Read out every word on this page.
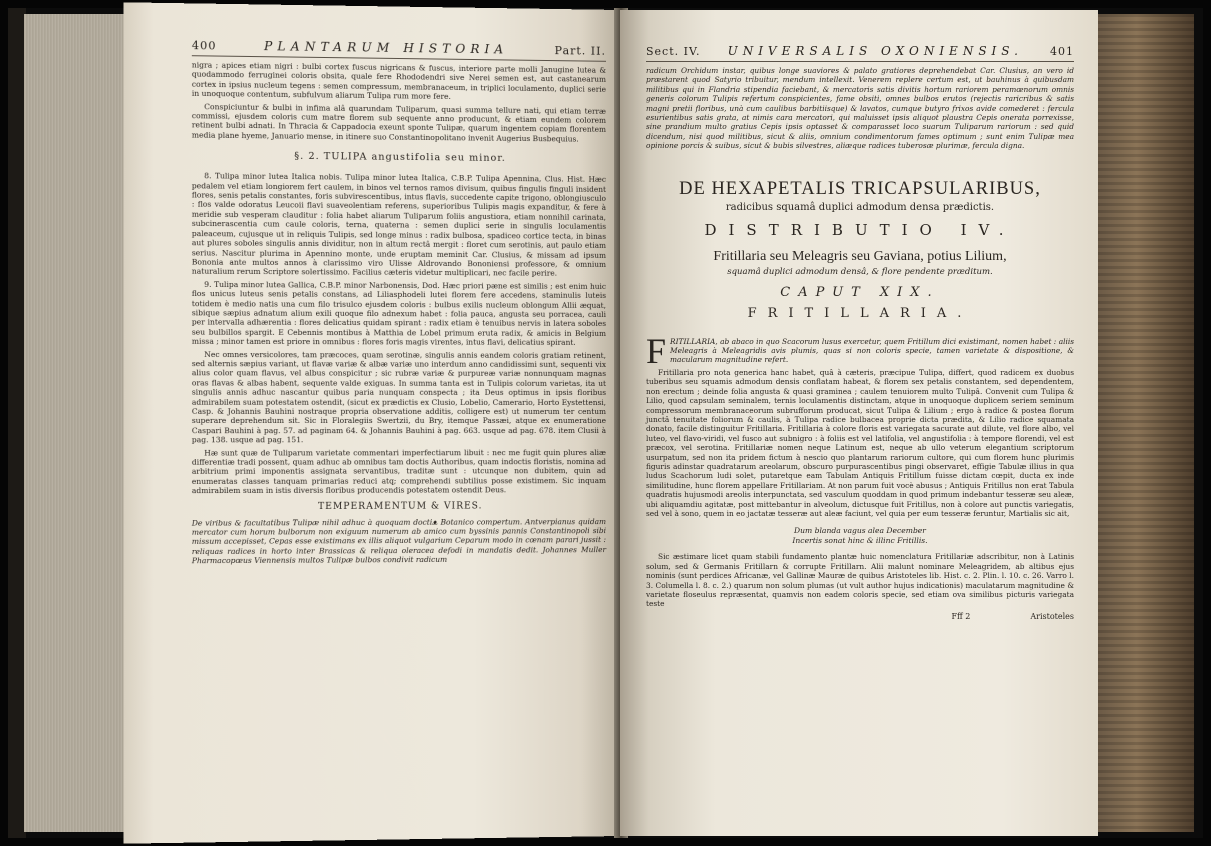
400	PLANTARUM HISTORIA	Part. II.

nigra ; apices etiam nigri : bulbi cortex fuscus nigricans & fuscus, interiore parte molli Janugine lutea & quodammodo ferruginei coloris obsita, quale fere Rhododendri sive Nerei semen est, aut castanearum cortex in ipsius nucleum tegens : semen compressum, membranaceum, in triplici loculamento, duplici serie in unoquoque contentum, subfulvum aliarum Tulipa rum more fere.

Conspiciuntur & bulbi in infima alâ quarundam Tuliparum, quasi summa tellure nati, qui etiam terræ commissi, ejusdem coloris cum matre florem sub sequente anno producunt, & etiam eundem colorem retinent bulbi adnati. In Thracia & Cappadocia exeunt sponte Tulipæ, quarum ingentem copiam florentem media plane hyeme, Januario mense, in itinere suo Constantinopolitano invenit Augerius Busbequius.

§. 2. TULIPA angustifolia seu minor.

8. Tulipa minor lutea Italica nobis. Tulipa minor lutea Italica, C.B.P. Tulipa Apennina, Clus. Hist. Hæc pedalem vel etiam longiorem fert caulem, in binos vel ternos ramos divisum, quibus fingulis finguli insident flores, senis petalis constantes, foris subvirescentibus, intus flavis, succedente capite trigono, oblongiusculo : flos valde odoratus Leucoii flavi suaveolentiam referens, superioribus Tulipis magis expanditur, & fere à meridie sub vesperam clauditur : folia habet aliarum Tuliparum foliis angustiora, etiam nonnihil carinata, subcinerascentia cum caule coloris, terna, quaterna : semen duplici serie in singulis loculamentis paleaceum, cujusque ut in reliquis Tulipis, sed longe minus : radix bulbosa, spadiceo cortice tecta, in binas aut plures soboles singulis annis dividitur, non in altum rectâ mergit : floret cum serotinis, aut paulo etiam serius. Nascitur plurima in Apennino monte, unde eruptam meminit Car. Clusius, & missam ad ipsum Bononia ante multos annos à clarissimo viro Ulisse Aldrovando Bononiensi professore, & omnium naturalium rerum Scriptore solertissimo. Facilius cæteris videtur multiplicari, nec facile perire.

9. Tulipa minor lutea Gallica, C.B.P. minor Narbonensis, Dod. Hæc priori pæne est similis ; est enim huic flos unicus luteus senis petalis constans, ad Liliasphodeli lutei florem fere accedens, staminulis luteis totidem è medio natis una cum filo trisulco ejusdem coloris : bulbus exilis nucleum oblongum Allii æquat, sibique sæpius adnatum alium exili quoque filo adnexum habet : folia pauca, angusta seu porracea, cauli per intervalla adhærentia : flores delicatius quidam spirant : radix etiam è tenuibus nervis in latera soboles seu bulbillos spargit. E Cebennis montibus à Matthia de Lobel primum eruta radix, & amicis in Belgium missa ; minor tamen est priore in omnibus : flores foris magis virentes, intus flavi, delicatius spirant.

Nec omnes versicolores, tam præcoces, quam serotinæ, singulis annis eandem coloris gratiam retinent, sed alternis sæpius variant, ut flavæ variæ & albæ variæ uno interdum anno candidissimi sunt, sequenti vix alius color quam flavus, vel albus conspicitur ; sic rubræ variæ & purpureæ variæ nonnunquam magnas oras flavas & albas habent, sequente valde exiguas. In summa tanta est in Tulipis colorum varietas, ita ut singulis annis adhuc nascantur quibus paria nunquam conspecta ; ita Deus optimus in ipsis floribus admirabilem suam potestatem ostendit, (sicut ex prædictis ex Clusio, Lobelio, Camerario, Horto Eystettensi, Casp. & Johannis Bauhini nostraque propria observatione additis, colligere est) ut numerum ter centum superare deprehendum sit. Sic in Floralegiis Swertzii, du Bry, itemque Passæi, atque ex enumeratione Caspari Bauhini à pag. 57. ad paginam 64. & Johannis Bauhini à pag. 663. usque ad pag. 678. item Clusii à pag. 138. usque ad pag. 151.

Hæ sunt quæ de Tuliparum varietate commentari imperfectiarum libuit : nec me fugit quin plures aliæ differentiæ tradi possent, quam adhuc ab omnibus tam doctis Authoribus, quam indoctis floristis, nomina ad arbitrium primi imponentis assignata servantibus, traditæ sunt : utcunque non dubitem, quin ad enumeratas classes tanquam primarias reduci atq; comprehendi subtilius posse existimem. Sic inquam admirabilem suam in istis diversis floribus producendis potestatem ostendit Deus.

TEMPERAMENTUM & VIRES.

De viribus & facultatibus Tulipæ nihil adhuc à quoquam doctiᴥ Botanico compertum. Antverpianus quidam mercator cum horum bulborum non exiguum numerum ab amico cum byssinis pannis Constantinopoli sibi missum accepisset, Cepas esse existimans ex illis aliquot vulgarium Ceparum modo in cœnam parari jussit : reliquas radices in horto inter Brassicas & reliqua oleracea defodi in mandatis dedit. Johannes Muller Pharmacopœus Viennensis multos Tulipæ bulbos condivit radicum

Sect. IV. UNIVERSALIS OXONIENSIS. 401

radicum Orchidum instar, quibus longe suaviores & palato gratiores deprehendebat Car. Clusius, an vero id præstarent quod Satyrio tribuitur, mendum intellexit. Venerem replere certum est, ut bauhinus à quibusdam militibus qui in Flandria stipendia faciebant, & mercatoris satis divitis hortum rariorem peramœnorum omnis generis colorum Tulipis refertum conspicientes, fame obsiti, omnes bulbos erutos (rejectis raricribus & satis magni pretii floribus, unà cum caulibus barbitiisque) & lavatos, cumque butyro frixos avide comederet : fercula esurientibus satis grata, at nimis cara mercatori, qui maluisset ipsis aliquot plaustra Cepis onerata porrexisse, sine prandium multo gratius Cepis ipsis optasset & comparasset loco suarum Tuliparum rariorum : sed quid dicendum, nisi quod militibus, sicut & aliis, omnium condimentorum fames optimum ; sunt enim Tulipæ mea opinione porcis & suibus, sicut & bubis silvestres, aliæque radices tuberosæ plurimæ, fercula digna.

DE HEXAPETALIS TRICAPSULARIBUS,
radicibus squamâ duplici admodum densa prædictis.
DISTRIBUTIO IV.
Fritillaria seu Meleagris seu Gaviana, potius Lilium,
squamâ duplici admodum densâ, & flore pendente præditum.
CAPUT XIX.
FRITILLARIA.

F RITILLARIA, ab abaco in quo Scacorum lusus exercetur, quem Fritillum dici existimant, nomen habet : aliis Meleagris à Meleagridis avis plumis, quas si non coloris specie, tamen varietate & dispositione, & macularum magnitudine refert.

Fritillaria pro nota generica hanc habet, quâ à cæteris, præcipue Tulipa, differt, quod radicem ex duobus tuberibus seu squamis admodum densis conflatam habeat, & florem sex petalis constantem, sed dependentem, non erectum ; deinde folia angusta & quasi graminea ; caulem tenuiorem multo Tulipâ. Convenit cum Tulipa & Lilio, quod capsulam seminalem, ternis loculamentis distinctam, atque in unoquoque duplicem seriem seminum compressorum membranaceorum subrufforum producat, sicut Tulipa & Lilium ; ergo à radice & postea florum junctâ tenuitate foliorum & caulis, à Tulipa radice bulbacea proprie dicta prædita, & Lilio radice squamata donato, facile distinguitur Fritillaria. Fritillaria à colore floris est variegata sacurate aut dilute, vel flore albo, vel luteo, vel flavo-viridi, vel fusco aut subnigro : à foliis est vel latifolia, vel angustifolia : à tempore florendi, vel est præcox, vel serotina. Fritillariæ nomen neque Latinum est, neque ab ullo veterum elegantium scriptorum usurpatum, sed non ita pridem fictum à nescio quo plantarum rariorum cultore, qui cum florem hunc plurimis figuris adinstar quadratarum areolarum, obscuro purpurascentibus pingi observaret, effigie Tabulæ illius in qua ludus Scachorum ludi solet, putaretque eam Tabulam Antiquis Fritillum fuisse dictam cœpit, ducta ex inde similitudine, hunc florem appellare Fritillariam. At non parum fuit vocè abusus ; Antiquis Fritillus non erat Tabula quadratis hujusmodi areolis interpunctata, sed vasculum quoddam in quod primum indebantur tesseræ seu aleæ, ubi aliquamdiu agitatæ, post mittebantur in alveolum, dictusque fuit Fritillus, non à colore aut punctis variegatis, sed vel à sono, quem in eo jactatæ tesseræ aut aleæ faciunt, vel quia per eum tesseræ feruntur, Martialis sic ait,

Dum blanda vagus alea December
Incertis sonat hinc & illinc Fritillis.

Sic æstimare licet quam stabili fundamento plantæ huic nomenclatura Fritillariæ adscribitur, non à Latinis solum, sed & Germanis Fritillarn & corrupte Fritillarn. Alii malunt nominare Meleagridem, ab altibus ejus nominis (sunt perdices Africanæ, vel Gallinæ Mauræ de quibus Aristoteles lib. Hist. c. 2. Plin. l. 10. c. 26. Varro l. 3. Columella l. 8. c. 2.) quarum non solum plumas (ut vult author hujus indicationis) maculatarum magnitudine & varietate floseulus repræsentat, quamvis non eadem coloris specie, sed etiam ova similibus picturis variegata teste

Fff 2	Aristoteles
